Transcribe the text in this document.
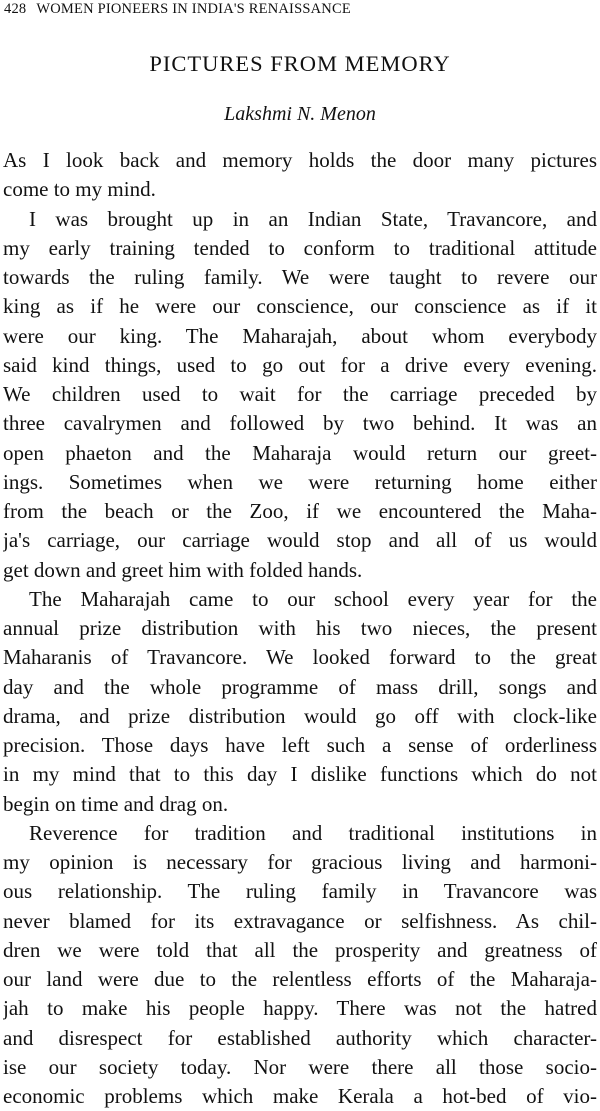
428 WOMEN PIONEERS IN INDIA'S RENAISSANCE
PICTURES FROM MEMORY
Lakshmi N. Menon
As I look back and memory holds the door many pictures
come to my mind.
I was brought up in an Indian State, Travancore, and
my early training tended to conform to traditional attitude
towards the ruling family. We were taught to revere our
king as if he were our conscience, our conscience as if it
were our king. The Maharajah, about whom everybody
said kind things, used to go out for a drive every evening.
We children used to wait for the carriage preceded by
three cavalrymen and followed by two behind. It was an
open phaeton and the Maharaja would return our greet-
ings. Sometimes when we were returning home either
from the beach or the Zoo, if we encountered the Maha-
ja's carriage, our carriage would stop and all of us would
get down and greet him with folded hands.
The Maharajah came to our school every year for the
annual prize distribution with his two nieces, the present
Maharanis of Travancore. We looked forward to the great
day and the whole programme of mass drill, songs and
drama, and prize distribution would go off with clock-like
precision. Those days have left such a sense of orderliness
in my mind that to this day I dislike functions which do not
begin on time and drag on.
Reverence for tradition and traditional institutions in
my opinion is necessary for gracious living and harmoni-
ous relationship. The ruling family in Travancore was
never blamed for its extravagance or selfishness. As chil-
dren we were told that all the prosperity and greatness of
our land were due to the relentless efforts of the Maharaja-
jah to make his people happy. There was not the hatred
and disrespect for established authority which character-
ise our society today. Nor were there all those socio-
economic problems which make Kerala a hot-bed of vio-
